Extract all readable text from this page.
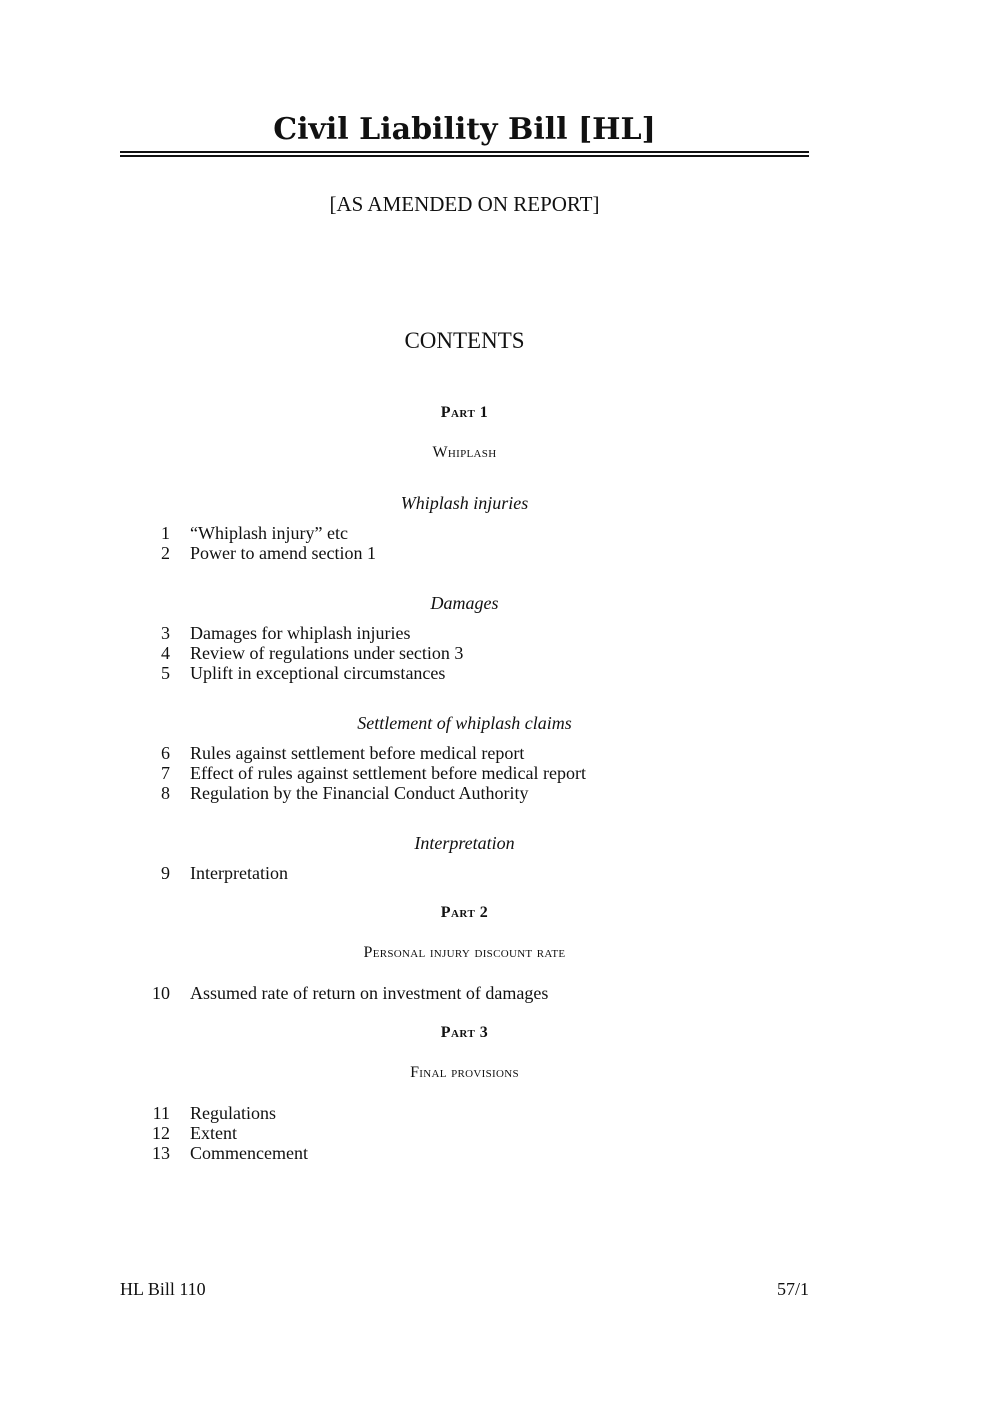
Civil Liability Bill [HL]
[AS AMENDED ON REPORT]
CONTENTS
Part 1
Whiplash
Whiplash injuries
1 “Whiplash injury” etc
2 Power to amend section 1
Damages
3 Damages for whiplash injuries
4 Review of regulations under section 3
5 Uplift in exceptional circumstances
Settlement of whiplash claims
6 Rules against settlement before medical report
7 Effect of rules against settlement before medical report
8 Regulation by the Financial Conduct Authority
Interpretation
9 Interpretation
Part 2
Personal injury discount rate
10 Assumed rate of return on investment of damages
Part 3
Final provisions
11 Regulations
12 Extent
13 Commencement
HL Bill 110	57/1
